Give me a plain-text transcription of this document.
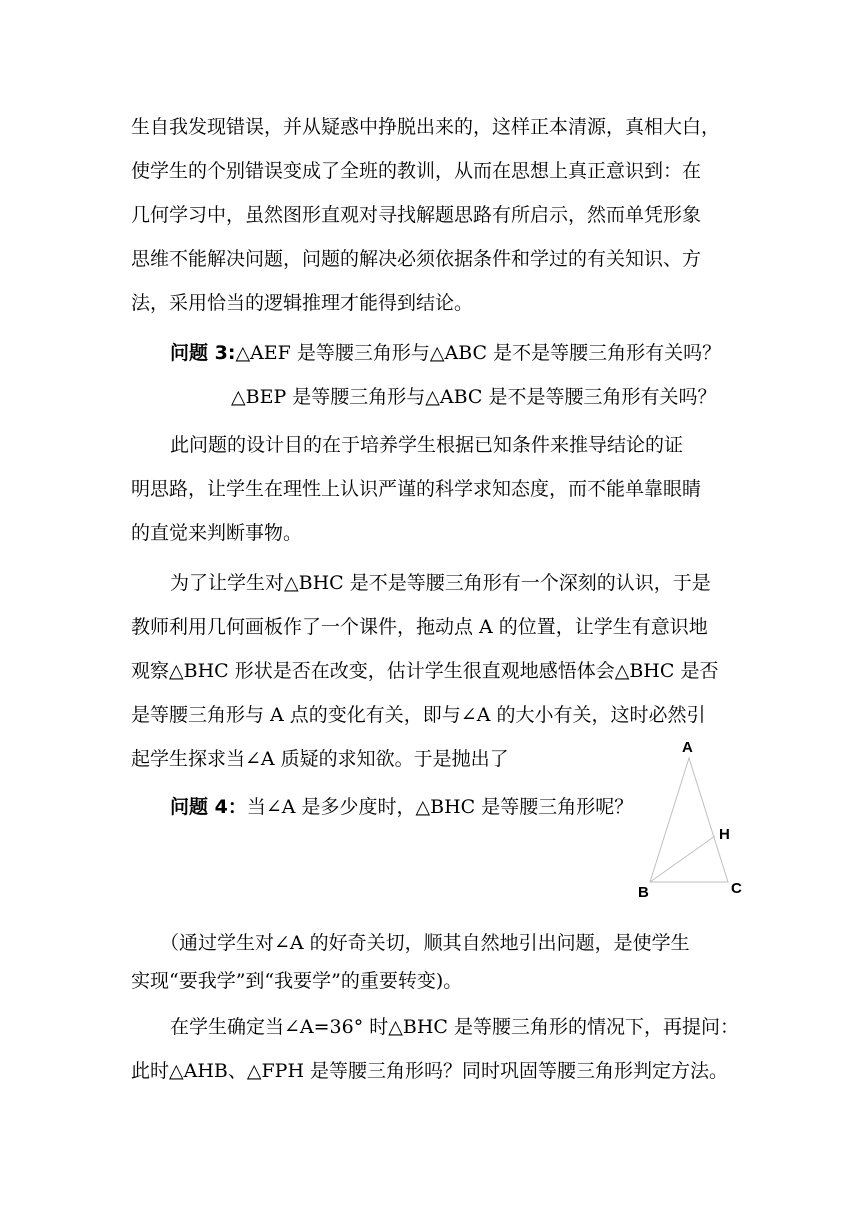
生自我发现错误，并从疑惑中挣脱出来的，这样正本清源，真相大白，
使学生的个别错误变成了全班的教训，从而在思想上真正意识到：在
几何学习中，虽然图形直观对寻找解题思路有所启示，然而单凭形象
思维不能解决问题，问题的解决必须依据条件和学过的有关知识、方
法，采用恰当的逻辑推理才能得到结论。
问题 3:△AEF 是等腰三角形与△ABC 是不是等腰三角形有关吗？
△BEP 是等腰三角形与△ABC 是不是等腰三角形有关吗？
此问题的设计目的在于培养学生根据已知条件来推导结论的证
明思路，让学生在理性上认识严谨的科学求知态度，而不能单靠眼睛
的直觉来判断事物。
为了让学生对△BHC 是不是等腰三角形有一个深刻的认识，于是
教师利用几何画板作了一个课件，拖动点 A 的位置，让学生有意识地
观察△BHC 形状是否在改变，估计学生很直观地感悟体会△BHC 是否
是等腰三角形与 A 点的变化有关，即与∠A 的大小有关，这时必然引
起学生探求当∠A 质疑的求知欲。于是抛出了
问题 4：当∠A 是多少度时，△BHC 是等腰三角形呢？
A
H
B	C
（通过学生对∠A 的好奇关切，顺其自然地引出问题，是使学生
实现“要我学”到“我要学”的重要转变)。
在学生确定当∠A=36° 时△BHC 是等腰三角形的情况下，再提问：
此时△AHB、△FPH 是等腰三角形吗？同时巩固等腰三角形判定方法。
